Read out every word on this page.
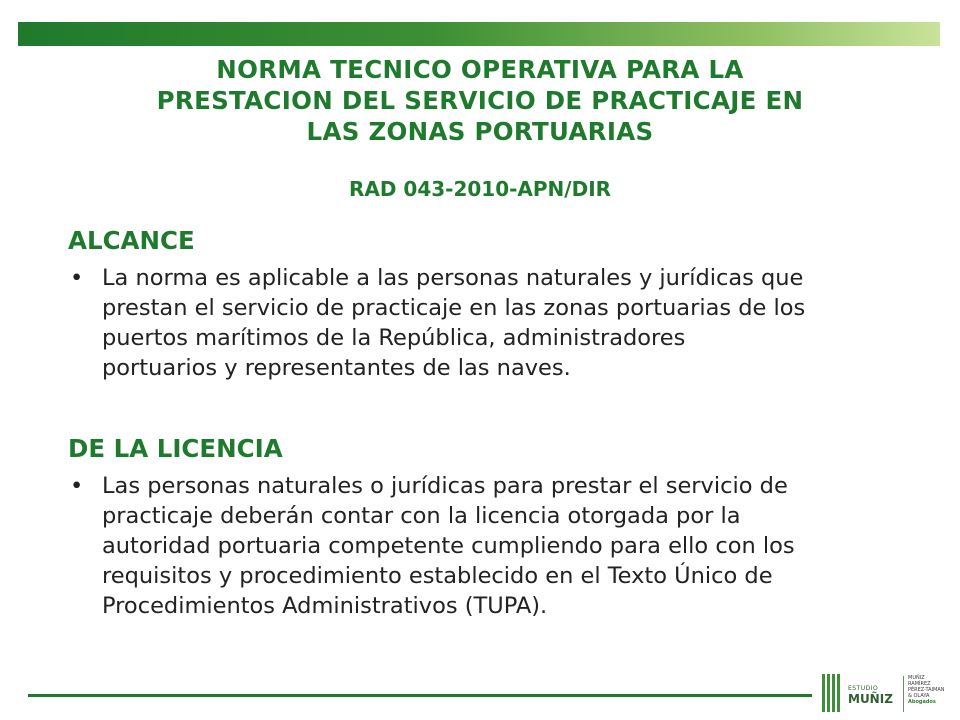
NORMA TECNICO OPERATIVA PARA LA
PRESTACION DEL SERVICIO DE PRACTICAJE EN
LAS ZONAS PORTUARIAS
RAD 043-2010-APN/DIR
ALCANCE
• La norma es aplicable a las personas naturales y jurídicas que
prestan el servicio de practicaje en las zonas portuarias de los
puertos marítimos de la República, administradores
portuarios y representantes de las naves.
DE LA LICENCIA
• Las personas naturales o jurídicas para prestar el servicio de
practicaje deberán contar con la licencia otorgada por la
autoridad portuaria competente cumpliendo para ello con los
requisitos y procedimiento establecido en el Texto Único de
Procedimientos Administrativos (TUPA).
ESTUDIO
MUÑIZ
MUÑIZ
RAMÍREZ
PÉREZ-TAIMAN
& OLAYA
Abogados
